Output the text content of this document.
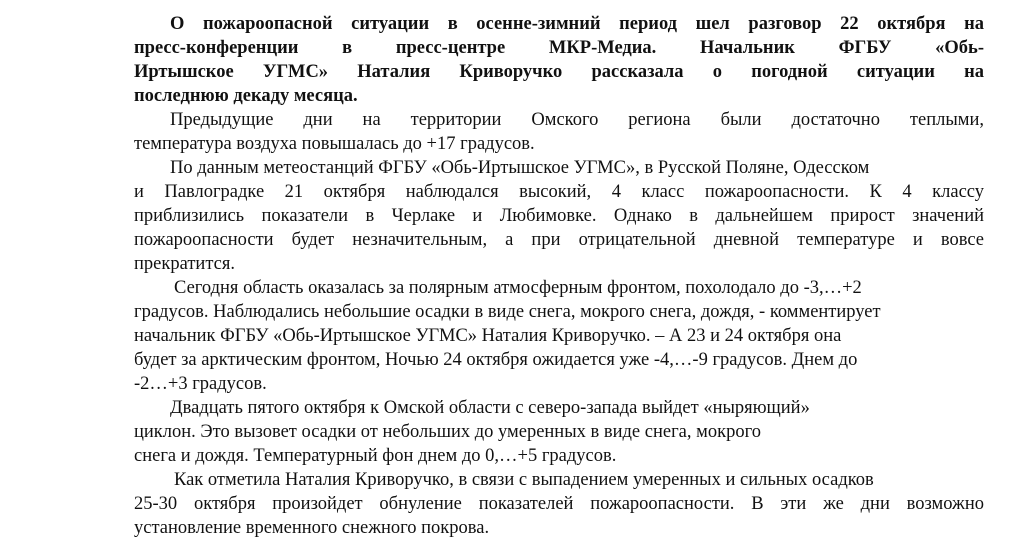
О пожароопасной ситуации в осенне-зимний период шел разговор 22 октября на
пресс-конференции в пресс-центре МКР-Медиа. Начальник ФГБУ «Обь-
Иртышское УГМС» Наталия Криворучко рассказала о погодной ситуации на
последнюю декаду месяца.
Предыдущие дни на территории Омского региона были достаточно теплыми,
температура воздуха повышалась до +17 градусов.
По данным метеостанций ФГБУ «Обь-Иртышское УГМС», в Русской Поляне, Одесском
и Павлоградке 21 октября наблюдался высокий, 4 класс пожароопасности. К 4 классу
приблизились показатели в Черлаке и Любимовке. Однако в дальнейшем прирост значений
пожароопасности будет незначительным, а при отрицательной дневной температуре и вовсе
прекратится.
Сегодня область оказалась за полярным атмосферным фронтом, похолодало до -3,…+2
градусов. Наблюдались небольшие осадки в виде снега, мокрого снега, дождя, - комментирует
начальник ФГБУ «Обь-Иртышское УГМС» Наталия Криворучко. – А 23 и 24 октября она
будет за арктическим фронтом, Ночью 24 октября ожидается уже -4,…-9 градусов. Днем до
-2…+3 градусов.
Двадцать пятого октября к Омской области с северо-запада выйдет «ныряющий»
циклон. Это вызовет осадки от небольших до умеренных в виде снега, мокрого
снега и дождя. Температурный фон днем до 0,…+5 градусов.
Как отметила Наталия Криворучко, в связи с выпадением умеренных и сильных осадков
25-30 октября произойдет обнуление показателей пожароопасности. В эти же дни возможно
установление временного снежного покрова.
